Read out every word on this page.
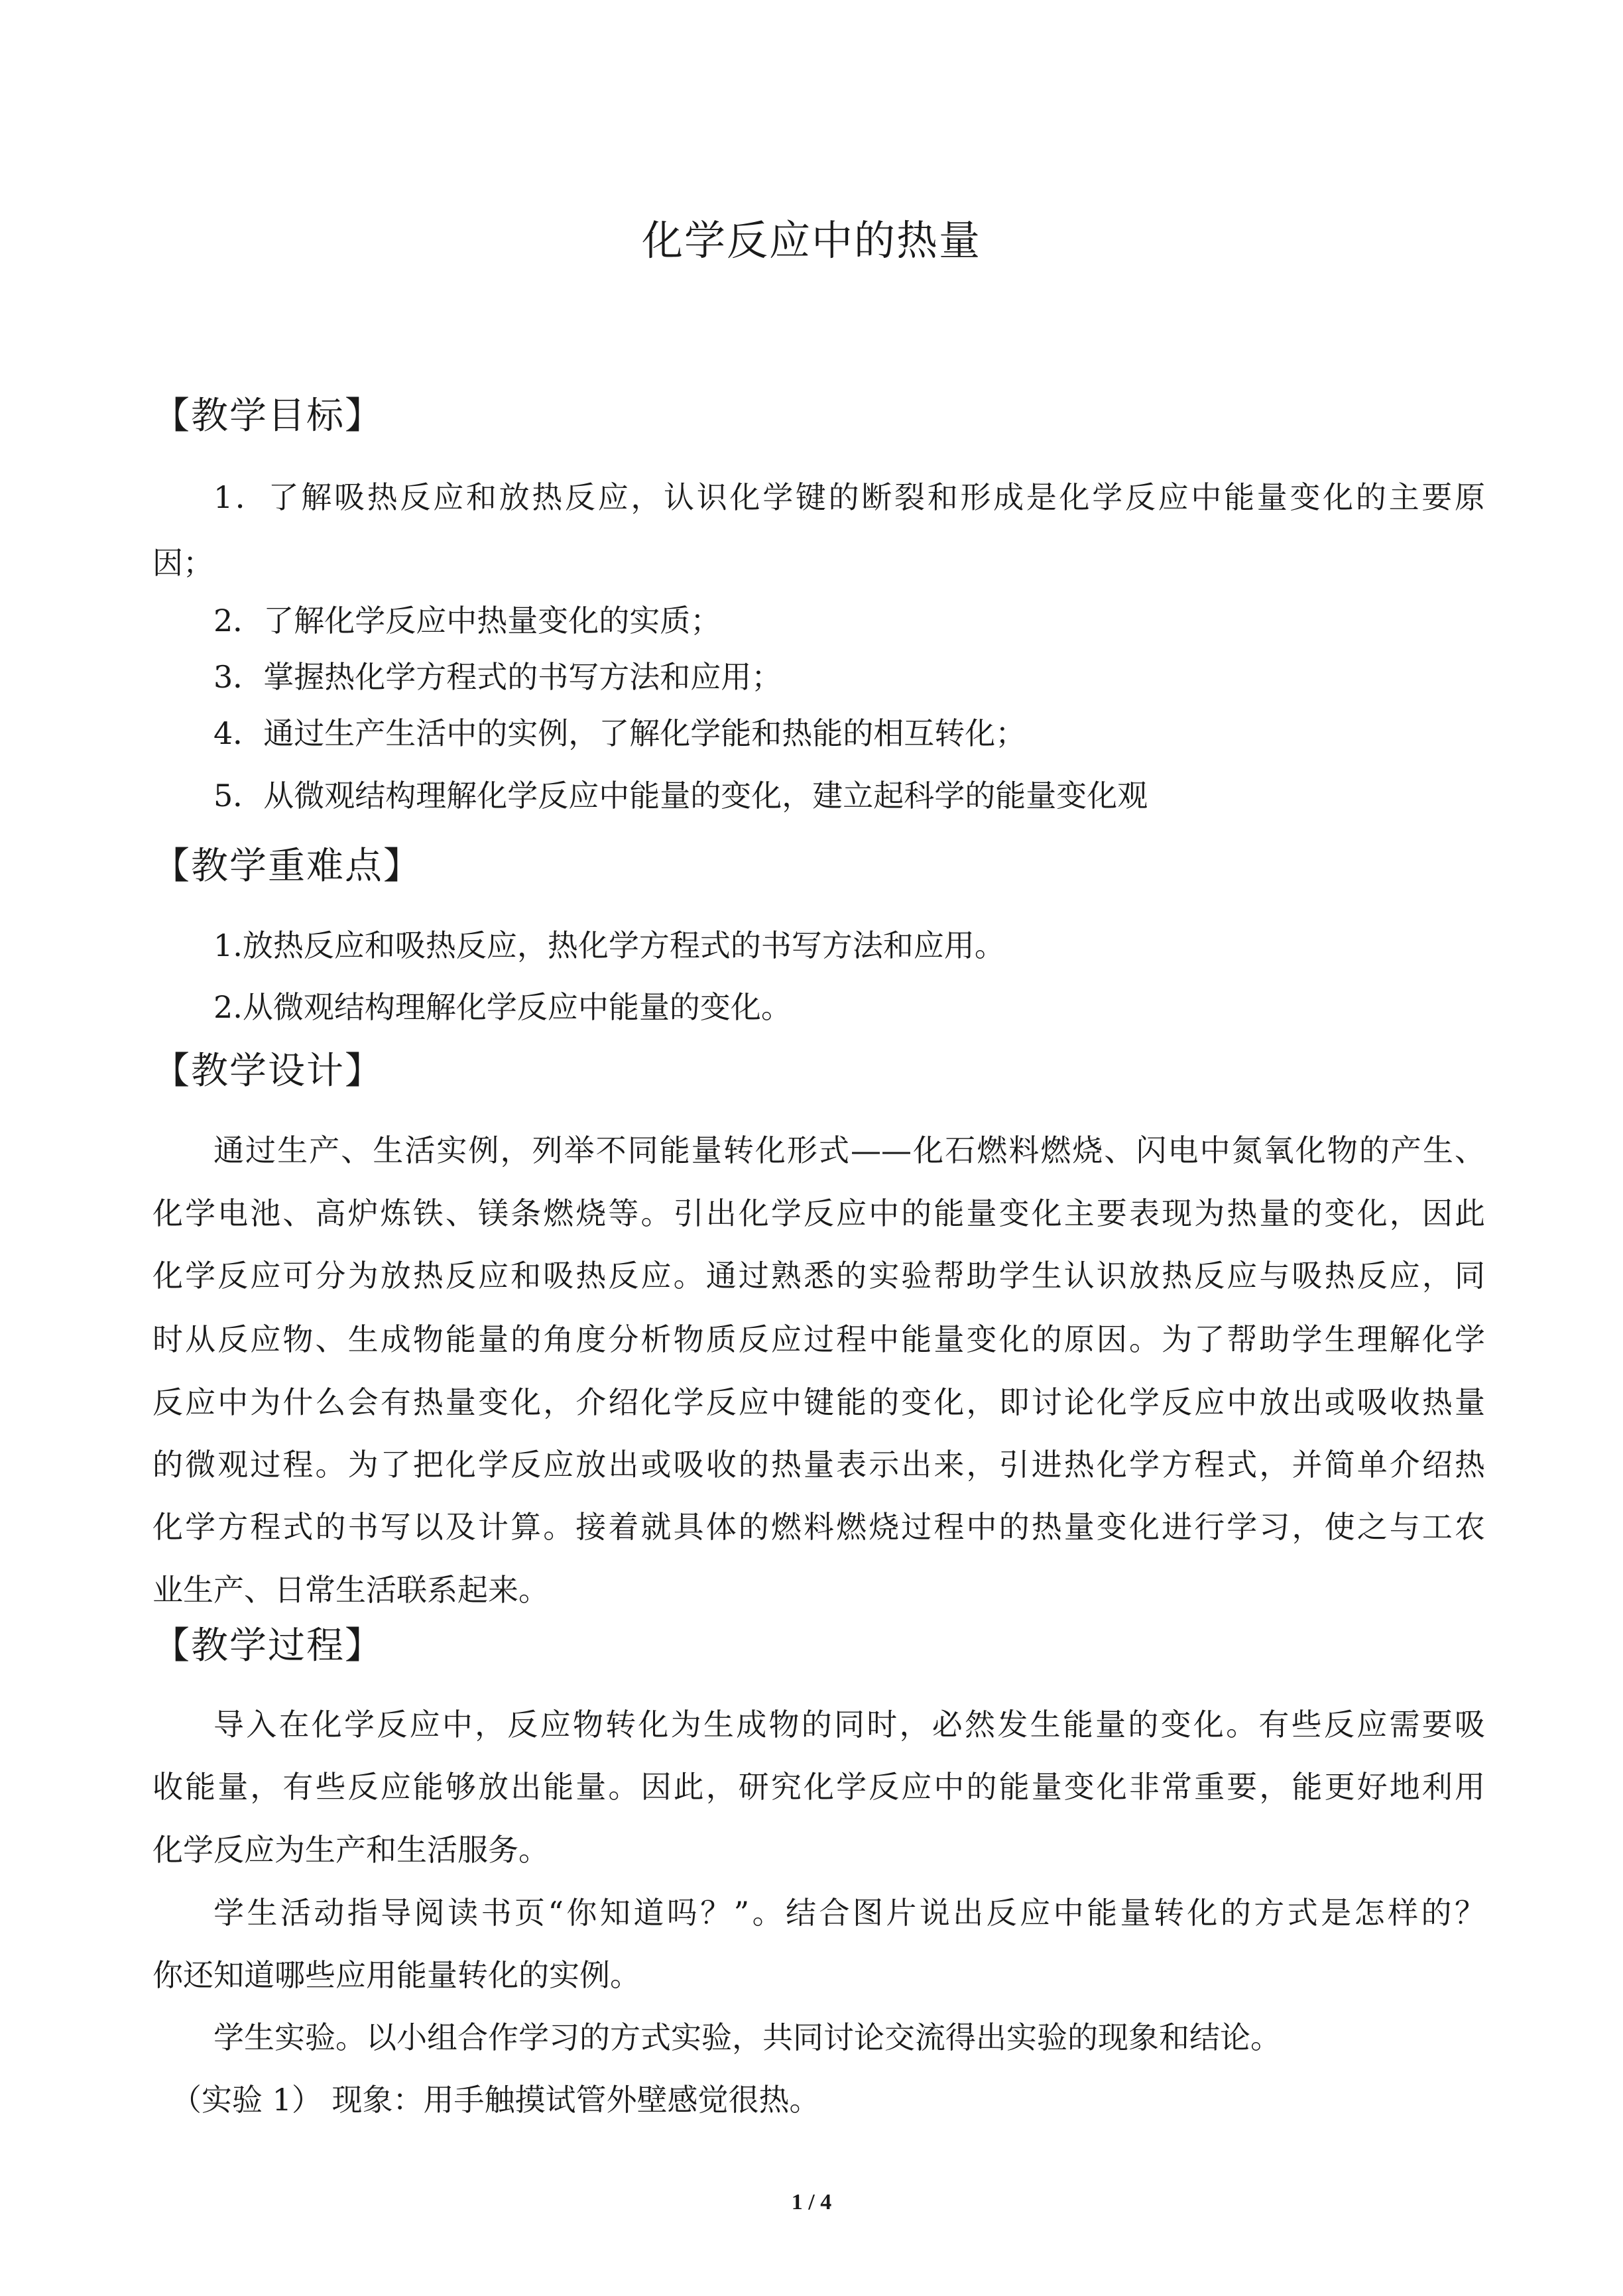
化学反应中的热量
【教学目标】
1．了解吸热反应和放热反应，认识化学键的断裂和形成是化学反应中能量变化的主要原
因；
2．了解化学反应中热量变化的实质；
3．掌握热化学方程式的书写方法和应用；
4．通过生产生活中的实例，了解化学能和热能的相互转化；
5．从微观结构理解化学反应中能量的变化，建立起科学的能量变化观
【教学重难点】
1.放热反应和吸热反应，热化学方程式的书写方法和应用。
2.从微观结构理解化学反应中能量的变化。
【教学设计】
通过生产、生活实例，列举不同能量转化形式——化石燃料燃烧、闪电中氮氧化物的产生、
化学电池、高炉炼铁、镁条燃烧等。引出化学反应中的能量变化主要表现为热量的变化，因此
化学反应可分为放热反应和吸热反应。通过熟悉的实验帮助学生认识放热反应与吸热反应，同
时从反应物、生成物能量的角度分析物质反应过程中能量变化的原因。为了帮助学生理解化学
反应中为什么会有热量变化，介绍化学反应中键能的变化，即讨论化学反应中放出或吸收热量
的微观过程。为了把化学反应放出或吸收的热量表示出来，引进热化学方程式，并简单介绍热
化学方程式的书写以及计算。接着就具体的燃料燃烧过程中的热量变化进行学习，使之与工农
业生产、日常生活联系起来。
【教学过程】
导入在化学反应中，反应物转化为生成物的同时，必然发生能量的变化。有些反应需要吸
收能量，有些反应能够放出能量。因此，研究化学反应中的能量变化非常重要，能更好地利用
化学反应为生产和生活服务。
学生活动指导阅读书页“你知道吗？”。结合图片说出反应中能量转化的方式是怎样的？
你还知道哪些应用能量转化的实例。
学生实验。以小组合作学习的方式实验，共同讨论交流得出实验的现象和结论。
（实验 1） 现象：用手触摸试管外壁感觉很热。
1 / 4
